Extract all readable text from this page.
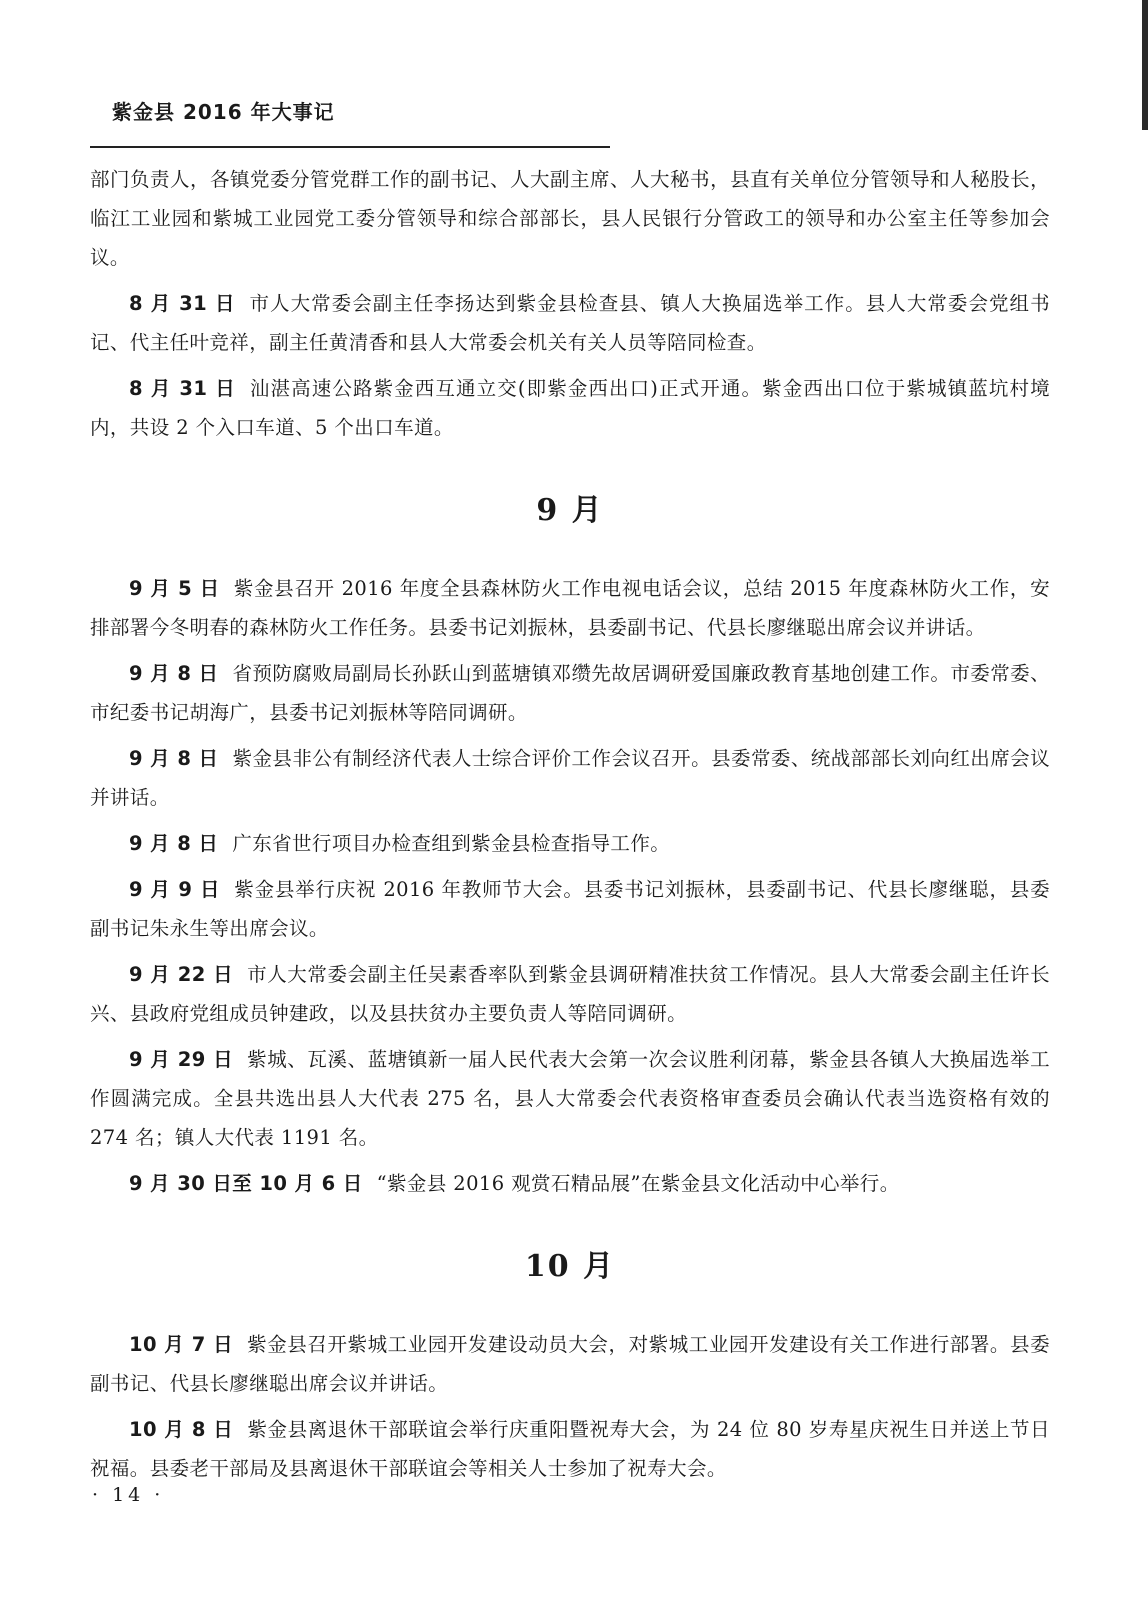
紫金县 2016 年大事记

部门负责人，各镇党委分管党群工作的副书记、人大副主席、人大秘书，县直有关单位分管领导和人秘股长，临江工业园和紫城工业园党工委分管领导和综合部部长，县人民银行分管政工的领导和办公室主任等参加会议。

8 月 31 日 市人大常委会副主任李扬达到紫金县检查县、镇人大换届选举工作。县人大常委会党组书记、代主任叶竞祥，副主任黄清香和县人大常委会机关有关人员等陪同检查。

8 月 31 日 汕湛高速公路紫金西互通立交(即紫金西出口)正式开通。紫金西出口位于紫城镇蓝坑村境内，共设 2 个入口车道、5 个出口车道。

9 月

9 月 5 日 紫金县召开 2016 年度全县森林防火工作电视电话会议，总结 2015 年度森林防火工作，安排部署今冬明春的森林防火工作任务。县委书记刘振林，县委副书记、代县长廖继聪出席会议并讲话。

9 月 8 日 省预防腐败局副局长孙跃山到蓝塘镇邓缵先故居调研爱国廉政教育基地创建工作。市委常委、市纪委书记胡海广，县委书记刘振林等陪同调研。

9 月 8 日 紫金县非公有制经济代表人士综合评价工作会议召开。县委常委、统战部部长刘向红出席会议并讲话。

9 月 8 日 广东省世行项目办检查组到紫金县检查指导工作。

9 月 9 日 紫金县举行庆祝 2016 年教师节大会。县委书记刘振林，县委副书记、代县长廖继聪，县委副书记朱永生等出席会议。

9 月 22 日 市人大常委会副主任吴素香率队到紫金县调研精准扶贫工作情况。县人大常委会副主任许长兴、县政府党组成员钟建政，以及县扶贫办主要负责人等陪同调研。

9 月 29 日 紫城、瓦溪、蓝塘镇新一届人民代表大会第一次会议胜利闭幕，紫金县各镇人大换届选举工作圆满完成。全县共选出县人大代表 275 名，县人大常委会代表资格审查委员会确认代表当选资格有效的 274 名；镇人大代表 1191 名。

9 月 30 日至 10 月 6 日 “紫金县 2016 观赏石精品展”在紫金县文化活动中心举行。

10 月

10 月 7 日 紫金县召开紫城工业园开发建设动员大会，对紫城工业园开发建设有关工作进行部署。县委副书记、代县长廖继聪出席会议并讲话。

10 月 8 日 紫金县离退休干部联谊会举行庆重阳暨祝寿大会，为 24 位 80 岁寿星庆祝生日并送上节日祝福。县委老干部局及县离退休干部联谊会等相关人士参加了祝寿大会。

· 14 ·
